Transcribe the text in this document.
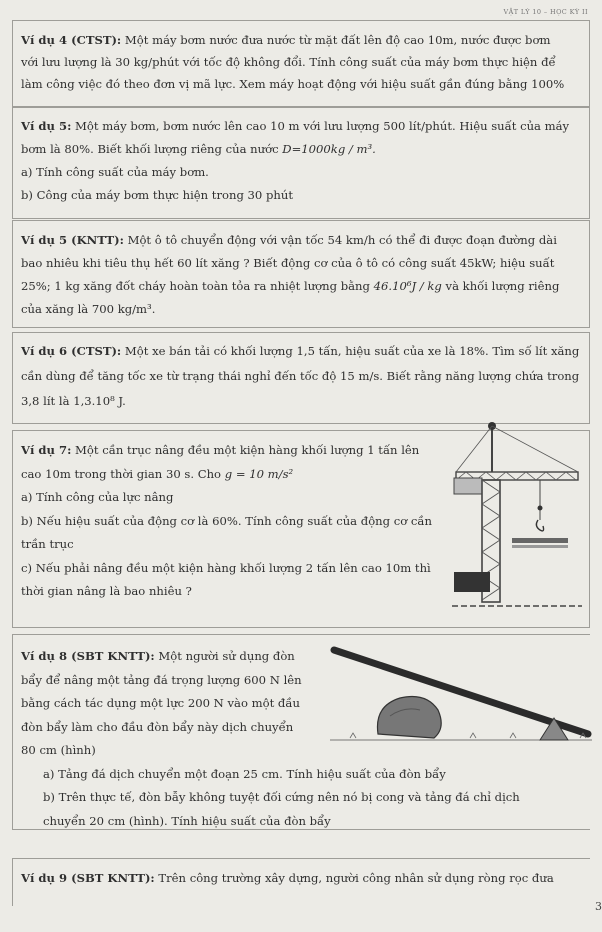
VẬT LÝ 10 – HỌC KỲ II

Ví dụ 4 (CTST): Một máy bơm nước đưa nước từ mặt đất lên độ cao 10m, nước được bơm

với lưu lượng là 30 kg/phút với tốc độ không đổi. Tính công suất của máy bơm thực hiện để

làm công việc đó theo đơn vị mã lực. Xem máy hoạt động với hiệu suất gần đúng bằng 100%

Ví dụ 5: Một máy bơm, bơm nước lên cao 10 m với lưu lượng 500 lít/phút. Hiệu suất của máy

bơm là 80%. Biết khối lượng riêng của nước D=1000kg / m³.

a) Tính công suất của máy bơm.

b) Công của máy bơm thực hiện trong 30 phút

Ví dụ 5 (KNTT): Một ô tô chuyển động với vận tốc 54 km/h có thể đi được đoạn đường dài

bao nhiêu khi tiêu thụ hết 60 lít xăng ? Biết động cơ của ô tô có công suất 45kW; hiệu suất

25%; 1 kg xăng đốt cháy hoàn toàn tỏa ra nhiệt lượng bằng 46.10⁶J / kg và khối lượng riêng

của xăng là 700 kg/m³.

Ví dụ 6 (CTST): Một xe bán tải có khối lượng 1,5 tấn, hiệu suất của xe là 18%. Tìm số lít xăng

cần dùng để tăng tốc xe từ trạng thái nghỉ đến tốc độ 15 m/s. Biết rằng năng lượng chứa trong

3,8 lít là 1,3.10⁸ J.

Ví dụ 7: Một cần trục nâng đều một kiện hàng khối lượng 1 tấn lên

cao 10m trong thời gian 30 s. Cho g = 10 m/s²

a) Tính công của lực nâng

b) Nếu hiệu suất của động cơ là 60%. Tính công suất của động cơ cần

trần trục

c) Nếu phải nâng đều một kiện hàng khối lượng 2 tấn lên cao 10m thì

thời gian nâng là bao nhiêu ?

Ví dụ 8 (SBT KNTT): Một người sử dụng đòn

bẩy để nâng một tảng đá trọng lượng 600 N lên

bằng cách tác dụng một lực 200 N vào một đầu

đòn bẩy làm cho đầu đòn bẩy này dịch chuyển

80 cm (hình)

a) Tảng đá dịch chuyển một đoạn 25 cm. Tính hiệu suất của đòn bẩy

b) Trên thực tế, đòn bẫy không tuyệt đối cứng nên nó bị cong và tảng đá chỉ dịch

chuyển 20 cm (hình). Tính hiệu suất của đòn bẩy

Ví dụ 9 (SBT KNTT): Trên công trường xây dựng, người công nhân sử dụng ròng rọc đưa

3
